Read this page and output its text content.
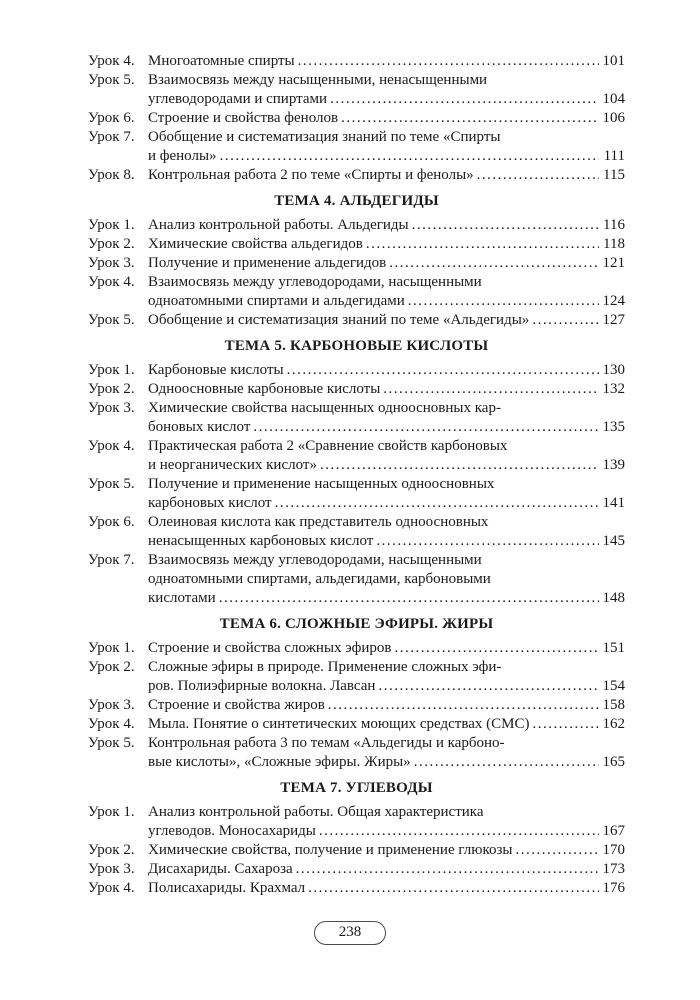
Урок 4. Многоатомные спирты .....	101
Урок 5. Взаимосвязь между насыщенными, ненасыщенными
углеводородами и спиртами .....	104
Урок 6. Строение и свойства фенолов .....	106
Урок 7. Обобщение и систематизация знаний по теме «Спирты
и фенолы» .....	111
Урок 8. Контрольная работа 2 по теме «Спирты и фенолы» .....	115
ТЕМА 4. АЛЬДЕГИДЫ
Урок 1. Анализ контрольной работы. Альдегиды .....	116
Урок 2. Химические свойства альдегидов .....	118
Урок 3. Получение и применение альдегидов .....	121
Урок 4. Взаимосвязь между углеводородами, насыщенными
одноатомными спиртами и альдегидами .....	124
Урок 5. Обобщение и систематизация знаний по теме «Альдегиды» .....	127
ТЕМА 5. КАРБОНОВЫЕ КИСЛОТЫ
Урок 1. Карбоновые кислоты .....	130
Урок 2. Одноосновные карбоновые кислоты .....	132
Урок 3. Химические свойства насыщенных одноосновных кар-
боновых кислот .....	135
Урок 4. Практическая работа 2 «Сравнение свойств карбоновых
и неорганических кислот» .....	139
Урок 5. Получение и применение насыщенных одноосновных
карбоновых кислот .....	141
Урок 6. Олеиновая кислота как представитель одноосновных
ненасыщенных карбоновых кислот .....	145
Урок 7. Взаимосвязь между углеводородами, насыщенными
одноатомными спиртами, альдегидами, карбоновыми
кислотами .....	148
ТЕМА 6. СЛОЖНЫЕ ЭФИРЫ. ЖИРЫ
Урок 1. Строение и свойства сложных эфиров .....	151
Урок 2. Сложные эфиры в природе. Применение сложных эфи-
ров. Полиэфирные волокна. Лавсан .....	154
Урок 3. Строение и свойства жиров .....	158
Урок 4. Мыла. Понятие о синтетических моющих средствах (СМС) .....	162
Урок 5. Контрольная работа 3 по темам «Альдегиды и карбоно-
вые кислоты», «Сложные эфиры. Жиры» .....	165
ТЕМА 7. УГЛЕВОДЫ
Урок 1. Анализ контрольной работы. Общая характеристика
углеводов. Моносахариды .....	167
Урок 2. Химические свойства, получение и применение глюкозы .....	170
Урок 3. Дисахариды. Сахароза .....	173
Урок 4. Полисахариды. Крахмал .....	176
238
